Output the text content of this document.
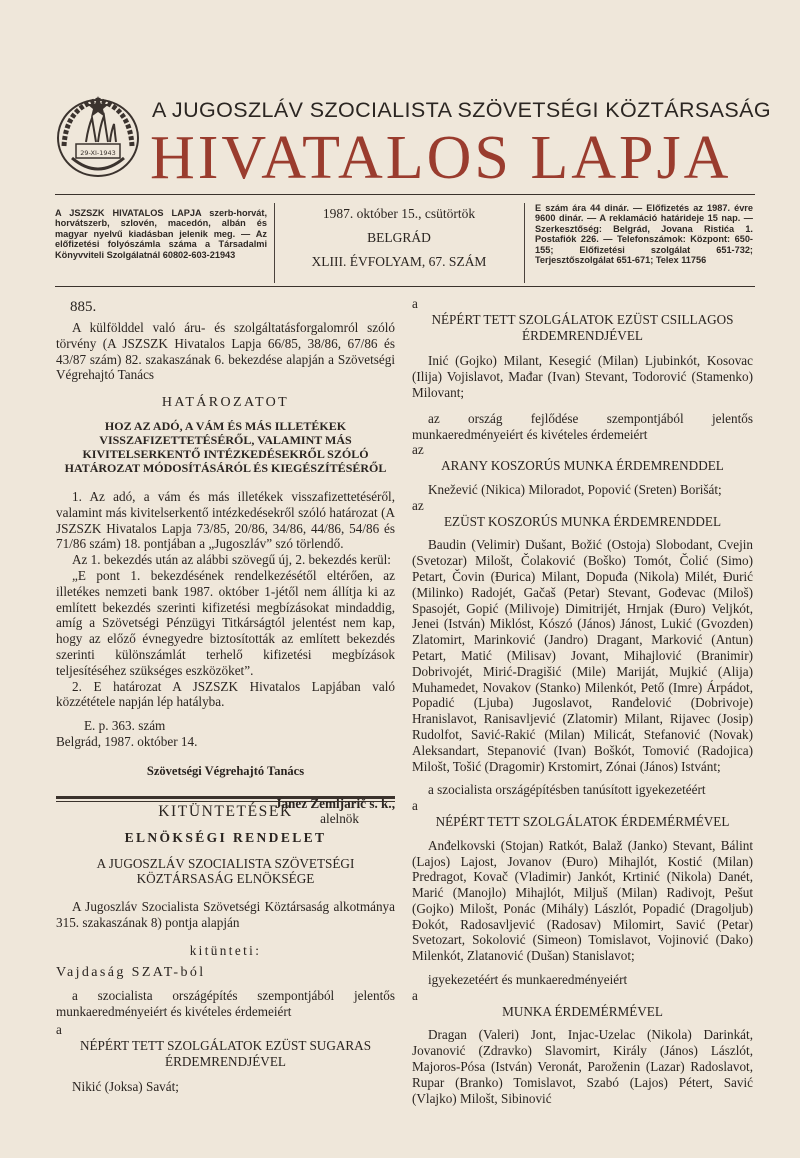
29-XI-1943
A JUGOSZLÁV SZOCIALISTA SZÖVETSÉGI KÖZTÁRSASÁG
HIVATALOS LAPJA
A JSZSZK HIVATALOS LAPJA szerb-horvát, horvátszerb, szlovén, macedón, albán és magyar nyelvű kiadásban jelenik meg. — Az előfizetési folyószámla száma a Társadalmi Könyvviteli Szolgálatnál 60802-603-21943
1987. október 15., csütörtök
BELGRÁD
XLIII. ÉVFOLYAM, 67. SZÁM
E szám ára 44 dinár. — Előfizetés az 1987. évre 9600 dinár. — A reklamáció határideje 15 nap. — Szerkesztőség: Belgrád, Jovana Ristića 1. Postafiók 226. — Telefonszámok: Központ: 650-155; Előfizetési szolgálat 651-732; Terjesztőszolgálat 651-671; Telex 11756

885.

A külfölddel való áru- és szolgáltatásforgalomról szóló törvény (A JSZSZK Hivatalos Lapja 66/85, 38/86, 67/86 és 43/87 szám) 82. szakaszának 6. bekezdése alapján a Szövetségi Végrehajtó Tanács

HATÁROZATOT

HOZ AZ ADÓ, A VÁM ÉS MÁS ILLETÉKEK VISSZAFIZETTETÉSÉRŐL, VALAMINT MÁS KIVITELSERKENTŐ INTÉZKEDÉSEKRŐL SZÓLÓ HATÁROZAT MÓDOSÍTÁSÁRÓL ÉS KIEGÉSZÍTÉSÉRŐL

1. Az adó, a vám és más illetékek visszafizettetéséről, valamint más kivitelserkentő intézkedésekről szóló határozat (A JSZSZK Hivatalos Lapja 73/85, 20/86, 34/86, 44/86, 54/86 és 71/86 szám) 18. pontjában a „Jugoszláv” szó törlendő.

Az 1. bekezdés után az alábbi szövegű új, 2. bekezdés kerül:

„E pont 1. bekezdésének rendelkezésétől eltérően, az illetékes nemzeti bank 1987. október 1-jétől nem állítja ki az említett bekezdés szerinti kifizetési megbízásokat mindaddig, amíg a Szövetségi Pénzügyi Titkárságtól jelentést nem kap, hogy az előző évnegyedre biztosították az említett bekezdés szerinti különszámlát terhelő kifizetési megbízások teljesítéséhez szükséges eszközöket”.

2. E határozat A JSZSZK Hivatalos Lapjában való közzététele napján lép hatályba.

E. p. 363. szám

Belgrád, 1987. október 14.

Szövetségi Végrehajtó Tanács

Janez Zemljarič s. k.,

alelnök

KITÜNTETÉSEK

ELNÖKSÉGI RENDELET

A JUGOSZLÁV SZOCIALISTA SZÖVETSÉGI KÖZTÁRSASÁG ELNÖKSÉGE

A Jugoszláv Szocialista Szövetségi Köztársaság alkotmánya 315. szakaszának 8) pontja alapján

kitünteti:

Vajdaság SZAT-ból

a szocialista országépítés szempontjából jelentős munkaeredményeiért és kivételes érdemeiért

a

NÉPÉRT TETT SZOLGÁLATOK EZÜST SUGARAS ÉRDEMRENDJÉVEL

Nikić (Joksa) Savát;

a

NÉPÉRT TETT SZOLGÁLATOK EZÜST CSILLAGOS ÉRDEMRENDJÉVEL

Inić (Gojko) Milant, Kesegić (Milan) Ljubinkót, Kosovac (Ilija) Vojislavot, Mađar (Ivan) Stevant, Todorović (Stamenko) Milovant;

az ország fejlődése szempontjából jelentős munkaeredményeiért és kivételes érdemeiért

az

ARANY KOSZORÚS MUNKA ÉRDEMRENDDEL

Knežević (Nikica) Miloradot, Popović (Sreten) Borišát;

az

EZÜST KOSZORÚS MUNKA ÉRDEMRENDDEL

Baudin (Velimir) Dušant, Božić (Ostoja) Slobodant, Cvejin (Svetozar) Milošt, Čolaković (Boško) Tomót, Čolić (Simo) Petart, Čovin (Đurica) Milant, Dopuđa (Nikola) Milét, Đurić (Milinko) Radojét, Gačaš (Petar) Stevant, Gođevac (Miloš) Spasojét, Gopić (Milivoje) Dimitrijét, Hrnjak (Đuro) Veljkót, Jenei (István) Miklóst, Kószó (János) Jánost, Lukić (Gvozden) Zlatomirt, Marinković (Jandro) Dragant, Marković (Antun) Petart, Matić (Milisav) Jovant, Mihajlović (Branimir) Dobrivojét, Mirić-Dragišić (Mile) Mariját, Mujkić (Alija) Muhamedet, Novakov (Stanko) Milenkót, Pető (Imre) Árpádot, Popadić (Ljuba) Jugoslavot, Ranđelović (Dobrivoje) Hranislavot, Ranisavljević (Zlatomir) Milant, Rijavec (Josip) Rudolfot, Savić-Rakić (Milan) Milicát, Stefanović (Novak) Aleksandart, Stepanović (Ivan) Boškót, Tomović (Radojica) Milošt, Tošić (Dragomir) Krstomirt, Zónai (János) Istvánt;

a szocialista országépítésben tanúsított igyekezetéért

a

NÉPÉRT TETT SZOLGÁLATOK ÉRDEMÉRMÉVEL

Anđelkovski (Stojan) Ratkót, Balaž (Janko) Stevant, Bálint (Lajos) Lajost, Jovanov (Đuro) Mihajlót, Kostić (Milan) Predragot, Kovač (Vladimir) Jankót, Krtinić (Nikola) Danét, Marić (Manojlo) Mihajlót, Miljuš (Milan) Radivojt, Pešut (Gojko) Milošt, Ponác (Mihály) Lászlót, Popadić (Dragoljub) Đokót, Radosavljević (Radosav) Milomirt, Savić (Petar) Svetozart, Sokolović (Simeon) Tomislavot, Vojinović (Dako) Milenkót, Zlatanović (Dušan) Stanislavot;

igyekezetéért és munkaeredményeiért

a

MUNKA ÉRDEMÉRMÉVEL

Dragan (Valeri) Jont, Injac-Uzelac (Nikola) Darinkát, Jovanović (Zdravko) Slavomirt, Király (János) Lászlót, Majoros-Pósa (István) Veronát, Paroženin (Lazar) Radoslavot, Rupar (Branko) Tomislavot, Szabó (Lajos) Pétert, Savić (Vlajko) Milošt, Sibinović
